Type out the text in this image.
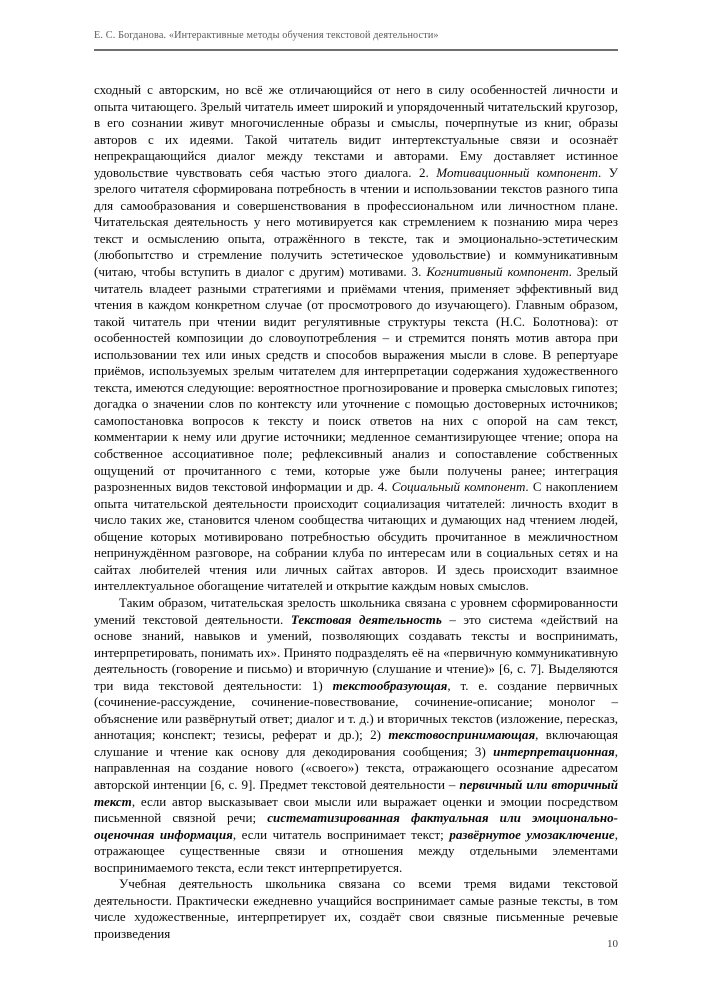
Е. С. Богданова. «Интерактивные методы обучения текстовой деятельности»

сходный с авторским, но всё же отличающийся от него в силу особенностей личности и опыта читающего. Зрелый читатель имеет широкий и упорядоченный читательский кругозор, в его сознании живут многочисленные образы и смыслы, почерпнутые из книг, образы авторов с их идеями. Такой читатель видит интертекстуальные связи и осознаёт непрекращающийся диалог между текстами и авторами. Ему доставляет истинное удовольствие чувствовать себя частью этого диалога. 2. Мотивационный компонент. У зрелого читателя сформирована потребность в чтении и использовании текстов разного типа для самообразования и совершенствования в профессиональном или личностном плане. Читательская деятельность у него мотивируется как стремлением к познанию мира через текст и осмыслению опыта, отражённого в тексте, так и эмоционально-эстетическим (любопытство и стремление получить эстетическое удовольствие) и коммуникативным (читаю, чтобы вступить в диалог с другим) мотивами. 3. Когнитивный компонент. Зрелый читатель владеет разными стратегиями и приёмами чтения, применяет эффективный вид чтения в каждом конкретном случае (от просмотрового до изучающего). Главным образом, такой читатель при чтении видит регулятивные структуры текста (Н.С. Болотнова): от особенностей композиции до словоупотребления – и стремится понять мотив автора при использовании тех или иных средств и способов выражения мысли в слове. В репертуаре приёмов, используемых зрелым читателем для интерпретации содержания художественного текста, имеются следующие: вероятностное прогнозирование и проверка смысловых гипотез; догадка о значении слов по контексту или уточнение с помощью достоверных источников; самопостановка вопросов к тексту и поиск ответов на них с опорой на сам текст, комментарии к нему или другие источники; медленное семантизирующее чтение; опора на собственное ассоциативное поле; рефлексивный анализ и сопоставление собственных ощущений от прочитанного с теми, которые уже были получены ранее; интеграция разрозненных видов текстовой информации и др. 4. Социальный компонент. С накоплением опыта читательской деятельности происходит социализация читателей: личность входит в число таких же, становится членом сообщества читающих и думающих над чтением людей, общение которых мотивировано потребностью обсудить прочитанное в межличностном непринуждённом разговоре, на собрании клуба по интересам или в социальных сетях и на сайтах любителей чтения или личных сайтах авторов. И здесь происходит взаимное интеллектуальное обогащение читателей и открытие каждым новых смыслов.

Таким образом, читательская зрелость школьника связана с уровнем сформированности умений текстовой деятельности. Текстовая деятельность – это система «действий на основе знаний, навыков и умений, позволяющих создавать тексты и воспринимать, интерпретировать, понимать их». Принято подразделять её на «первичную коммуникативную деятельность (говорение и письмо) и вторичную (слушание и чтение)» [6, с. 7]. Выделяются три вида текстовой деятельности: 1) текстообразующая, т. е. создание первичных (сочинение-рассуждение, сочинение-повествование, сочинение-описание; монолог – объяснение или развёрнутый ответ; диалог и т. д.) и вторичных текстов (изложение, пересказ, аннотация; конспект; тезисы, реферат и др.); 2) текстовоспринимающая, включающая слушание и чтение как основу для декодирования сообщения; 3) интерпретационная, направленная на создание нового («своего») текста, отражающего осознание адресатом авторской интенции [6, с. 9]. Предмет текстовой деятельности – первичный или вторичный текст, если автор высказывает свои мысли или выражает оценки и эмоции посредством письменной связной речи; систематизированная фактуальная или эмоционально-оценочная информация, если читатель воспринимает текст; развёрнутое умозаключение, отражающее существенные связи и отношения между отдельными элементами воспринимаемого текста, если текст интерпретируется.

Учебная деятельность школьника связана со всеми тремя видами текстовой деятельности. Практически ежедневно учащийся воспринимает самые разные тексты, в том числе художественные, интерпретирует их, создаёт свои связные письменные речевые произведения

10
